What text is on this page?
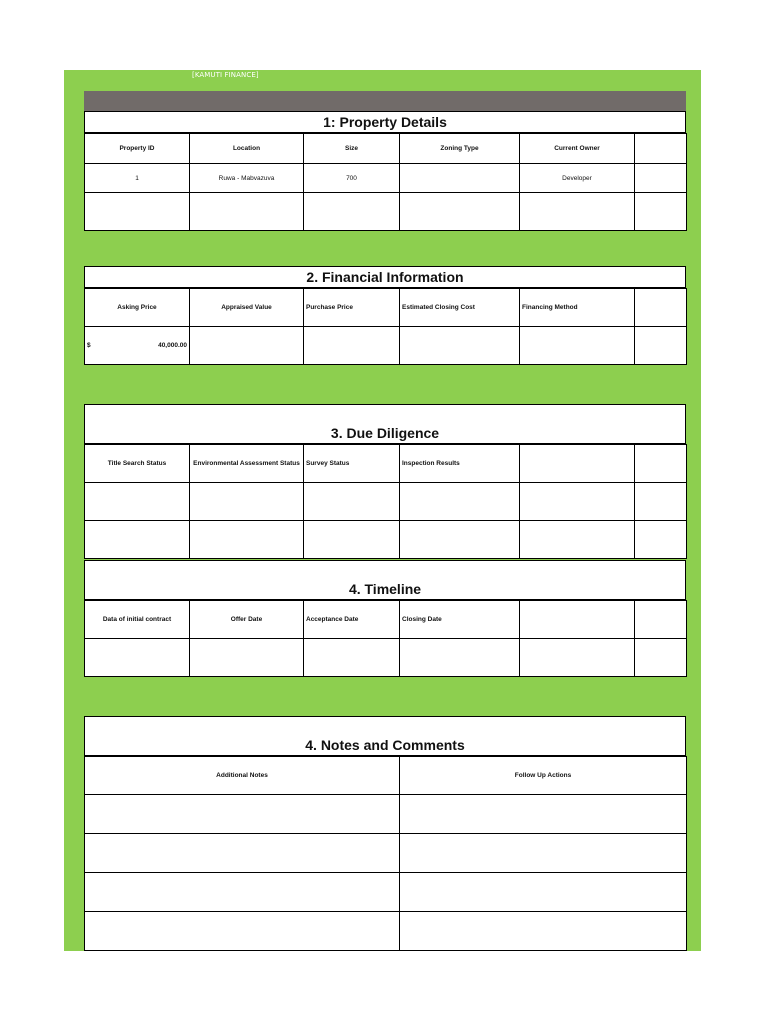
[KAMUTI FINANCE]
1: Property Details
Property ID	Location	Size	Zoning Type	Current Owner	
1	Ruwa - Mabvazuva	700		Developer	

2. Financial Information
Asking Price	Appraised Value	Purchase Price	Estimated Closing Cost	Financing Method	

$ 40,000.00					

3. Due Diligence
Title Search Status	Environmental Assessment Status	Survey Status	Inspection Results		

4. Timeline
Data of initial contract	Offer Date	Acceptance Date	Closing Date		

4. Notes and Comments
Additional Notes	Follow Up Actions
